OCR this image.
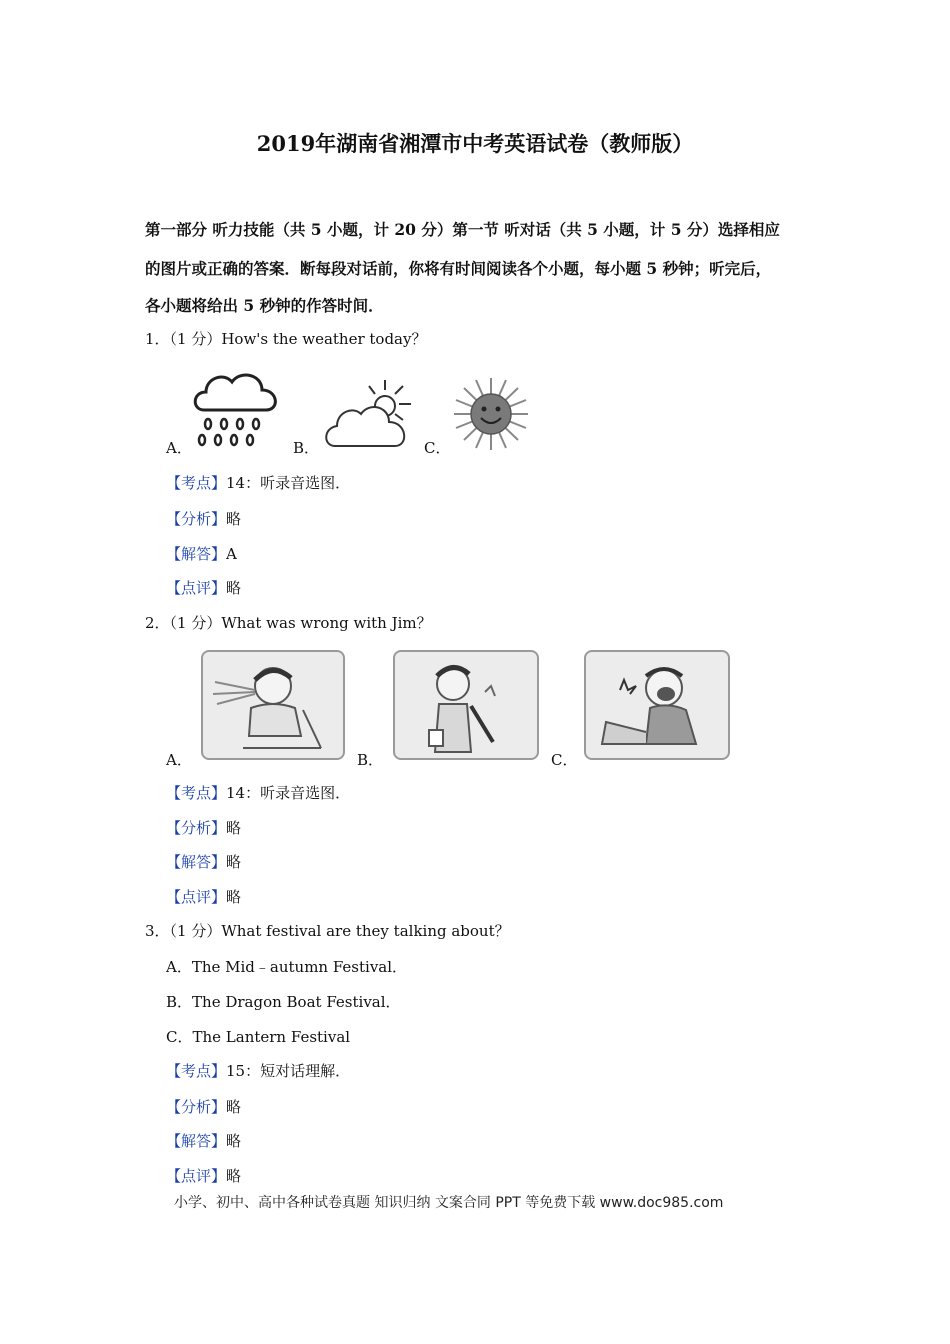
2019年湖南省湘潭市中考英语试卷（教师版）
第一部分 听力技能（共 5 小题，计 20 分）第一节 听对话（共 5 小题，计 5 分）选择相应
的图片或正确的答案．断每段对话前，你将有时间阅读各个小题，每小题 5 秒钟；听完后，
各小题将给出 5 秒钟的作答时间．
1．（1 分）How's the weather today？
A．	B．	C．
【考点】14：听录音选图．
【分析】略
【解答】A
【点评】略
2．（1 分）What was wrong with Jim？
A．	B．	C．
【考点】14：听录音选图．
【分析】略
【解答】略
【点评】略
3．（1 分）What festival are they talking about？
A．The Mid﹣autumn Festival．
B．The Dragon Boat Festival．
C．The Lantern Festival
【考点】15：短对话理解．
【分析】略
【解答】略
【点评】略
小学、初中、高中各种试卷真题 知识归纳 文案合同 PPT 等免费下载 www.doc985.com
